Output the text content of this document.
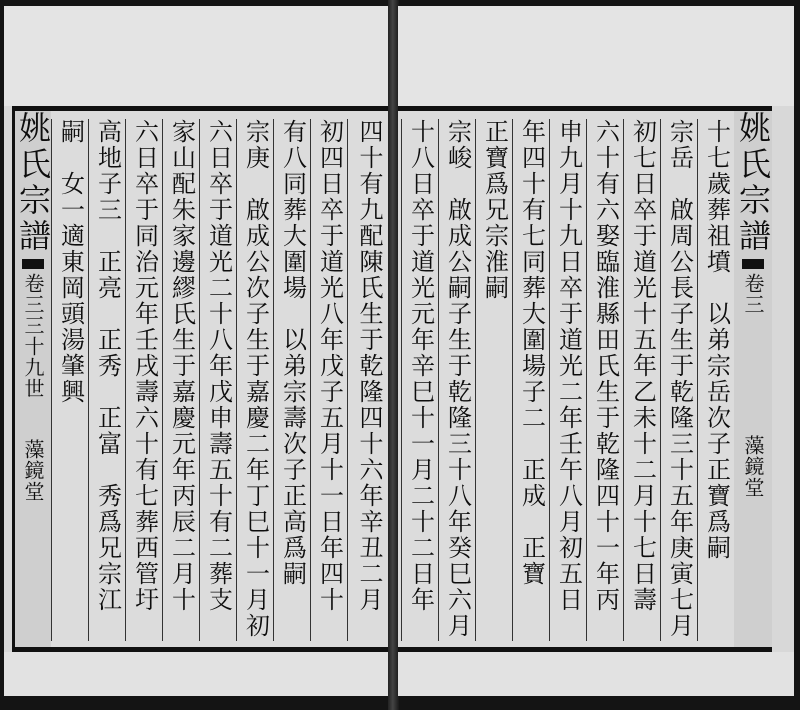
四十有九配陳氏生于乾隆四十六年辛丑二月
初四日卒于道光八年戊子五月十一日年四十
有八同葬大圍場　以弟宗壽次子正高爲嗣
宗庚　啟成公次子生于嘉慶二年丁巳十一月初
六日卒于道光二十八年戊申壽五十有二葬支
家山配朱家邊繆氏生于嘉慶元年丙辰二月十
六日卒于同治元年壬戌壽六十有七葬西管圩
高地子三　正亮　正秀　正富　秀爲兄宗江
嗣　女一適東岡頭湯肇興
姚氏宗譜
卷三
三十九世
藻鏡堂
姚氏宗譜
卷三
藻鏡堂
十七歲葬祖墳　以弟宗岳次子正寶爲嗣
宗岳　啟周公長子生于乾隆三十五年庚寅七月
初七日卒于道光十五年乙未十二月十七日壽
六十有六娶臨淮縣田氏生于乾隆四十一年丙
申九月十九日卒于道光二年壬午八月初五日
年四十有七同葬大圍場子二　正成　正寶
正寶爲兄宗淮嗣
宗峻　啟成公嗣子生于乾隆三十八年癸巳六月
十八日卒于道光元年辛巳十一月二十二日年
